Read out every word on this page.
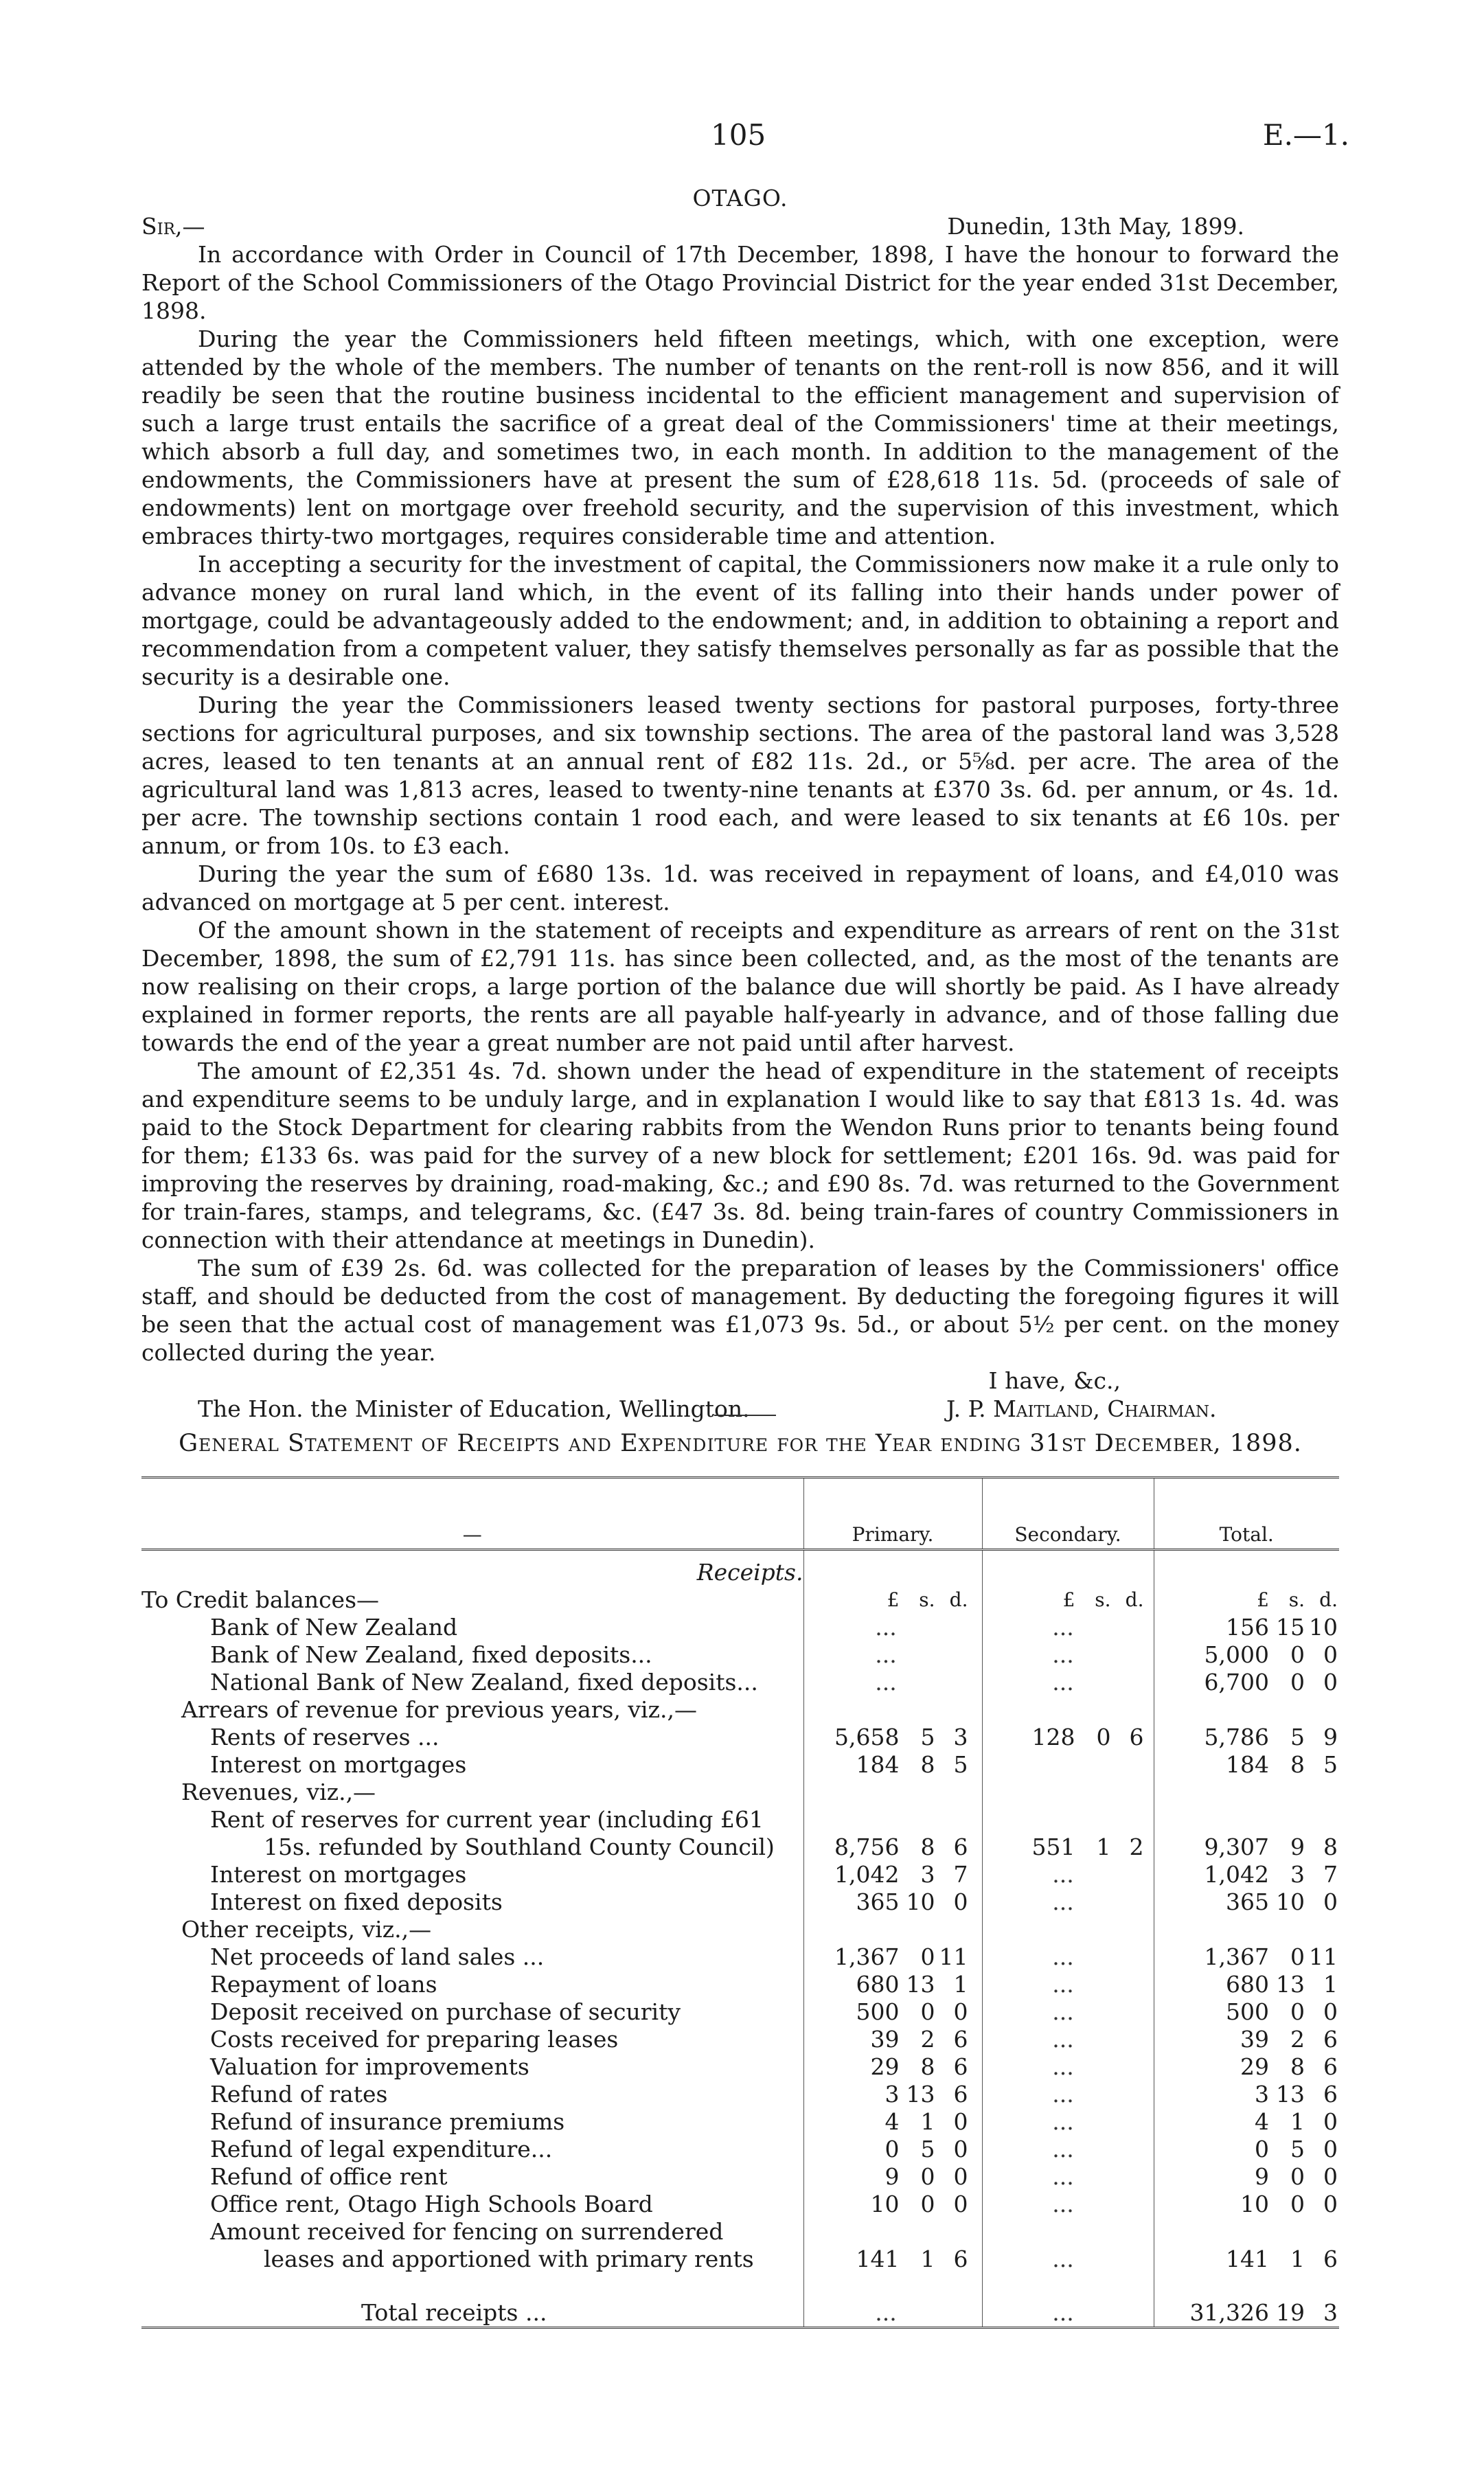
105	E.—1.
OTAGO.
Sir,—	Dunedin, 13th May, 1899.

In accordance with Order in Council of 17th December, 1898, I have the honour to forward the Report of the School Commissioners of the Otago Provincial District for the year ended 31st December, 1898.

During the year the Commissioners held fifteen meetings, which, with one exception, were attended by the whole of the members. The number of tenants on the rent-roll is now 856, and it will readily be seen that the routine business incidental to the efficient management and supervision of such a large trust entails the sacrifice of a great deal of the Commissioners' time at their meetings, which absorb a full day, and sometimes two, in each month. In addition to the management of the endowments, the Commissioners have at present the sum of £28,618 11s. 5d. (proceeds of sale of endowments) lent on mortgage over freehold security, and the supervision of this investment, which embraces thirty-two mortgages, requires considerable time and attention.

In accepting a security for the investment of capital, the Commissioners now make it a rule only to advance money on rural land which, in the event of its falling into their hands under power of mortgage, could be advantageously added to the endowment; and, in addition to obtaining a report and recommendation from a competent valuer, they satisfy themselves personally as far as possible that the security is a desirable one.

During the year the Commissioners leased twenty sections for pastoral purposes, forty-three sections for agricultural purposes, and six township sections. The area of the pastoral land was 3,528 acres, leased to ten tenants at an annual rent of £82 11s. 2d., or 5⅝d. per acre. The area of the agricultural land was 1,813 acres, leased to twenty-nine tenants at £370 3s. 6d. per annum, or 4s. 1d. per acre. The township sections contain 1 rood each, and were leased to six tenants at £6 10s. per annum, or from 10s. to £3 each.

During the year the sum of £680 13s. 1d. was received in repayment of loans, and £4,010 was advanced on mortgage at 5 per cent. interest.

Of the amount shown in the statement of receipts and expenditure as arrears of rent on the 31st December, 1898, the sum of £2,791 11s. has since been collected, and, as the most of the tenants are now realising on their crops, a large portion of the balance due will shortly be paid. As I have already explained in former reports, the rents are all payable half-yearly in advance, and of those falling due towards the end of the year a great number are not paid until after harvest.

The amount of £2,351 4s. 7d. shown under the head of expenditure in the statement of receipts and expenditure seems to be unduly large, and in explanation I would like to say that £813 1s. 4d. was paid to the Stock Department for clearing rabbits from the Wendon Runs prior to tenants being found for them; £133 6s. was paid for the survey of a new block for settlement; £201 16s. 9d. was paid for improving the reserves by draining, road-making, &c.; and £90 8s. 7d. was returned to the Government for train-fares, stamps, and telegrams, &c. (£47 3s. 8d. being train-fares of country Commissioners in connection with their attendance at meetings in Dunedin).

The sum of £39 2s. 6d. was collected for the preparation of leases by the Commissioners' office staff, and should be deducted from the cost of management. By deducting the foregoing figures it will be seen that the actual cost of management was £1,073 9s. 5d., or about 5½ per cent. on the money collected during the year.

I have, &c.,
The Hon. the Minister of Education, Wellington.	J. P. Maitland, Chairman.
General Statement of Receipts and Expenditure for the Year ending 31st December, 1898.
—	Primary.	Secondary.	Total.
Receipts.			
To Credit balances—	£ s. d.	£ s. d.	£ s. d.

Bank of New Zealand	...	...	156 15 10

Bank of New Zealand, fixed deposits...	...	...	5,000 0 0

National Bank of New Zealand, fixed deposits...	...	...	6,700 0 0

Arrears of revenue for previous years, viz.,—			
Rents of reserves ...	5,658 5 3	128 0 6	5,786 5 9

Interest on mortgages	184 8 5		184 8 5

Revenues, viz.,—			
Rent of reserves for current year (including £61			
15s. refunded by Southland County Council)	8,756 8 6	551 1 2	9,307 9 8

Interest on mortgages	1,042 3 7	...	1,042 3 7

Interest on fixed deposits	365 10 0	...	365 10 0

Other receipts, viz.,—			
Net proceeds of land sales ...	1,367 0 11	...	1,367 0 11

Repayment of loans	680 13 1	...	680 13 1

Deposit received on purchase of security	500 0 0	...	500 0 0

Costs received for preparing leases	39 2 6	...	39 2 6

Valuation for improvements	29 8 6	...	29 8 6

Refund of rates	3 13 6	...	3 13 6

Refund of insurance premiums	4 1 0	...	4 1 0

Refund of legal expenditure...	0 5 0	...	0 5 0

Refund of office rent	9 0 0	...	9 0 0

Office rent, Otago High Schools Board	10 0 0	...	10 0 0

Amount received for fencing on surrendered			
leases and apportioned with primary rents	141 1 6	...	141 1 6

Total receipts ...	...	...	31,326 19 3
